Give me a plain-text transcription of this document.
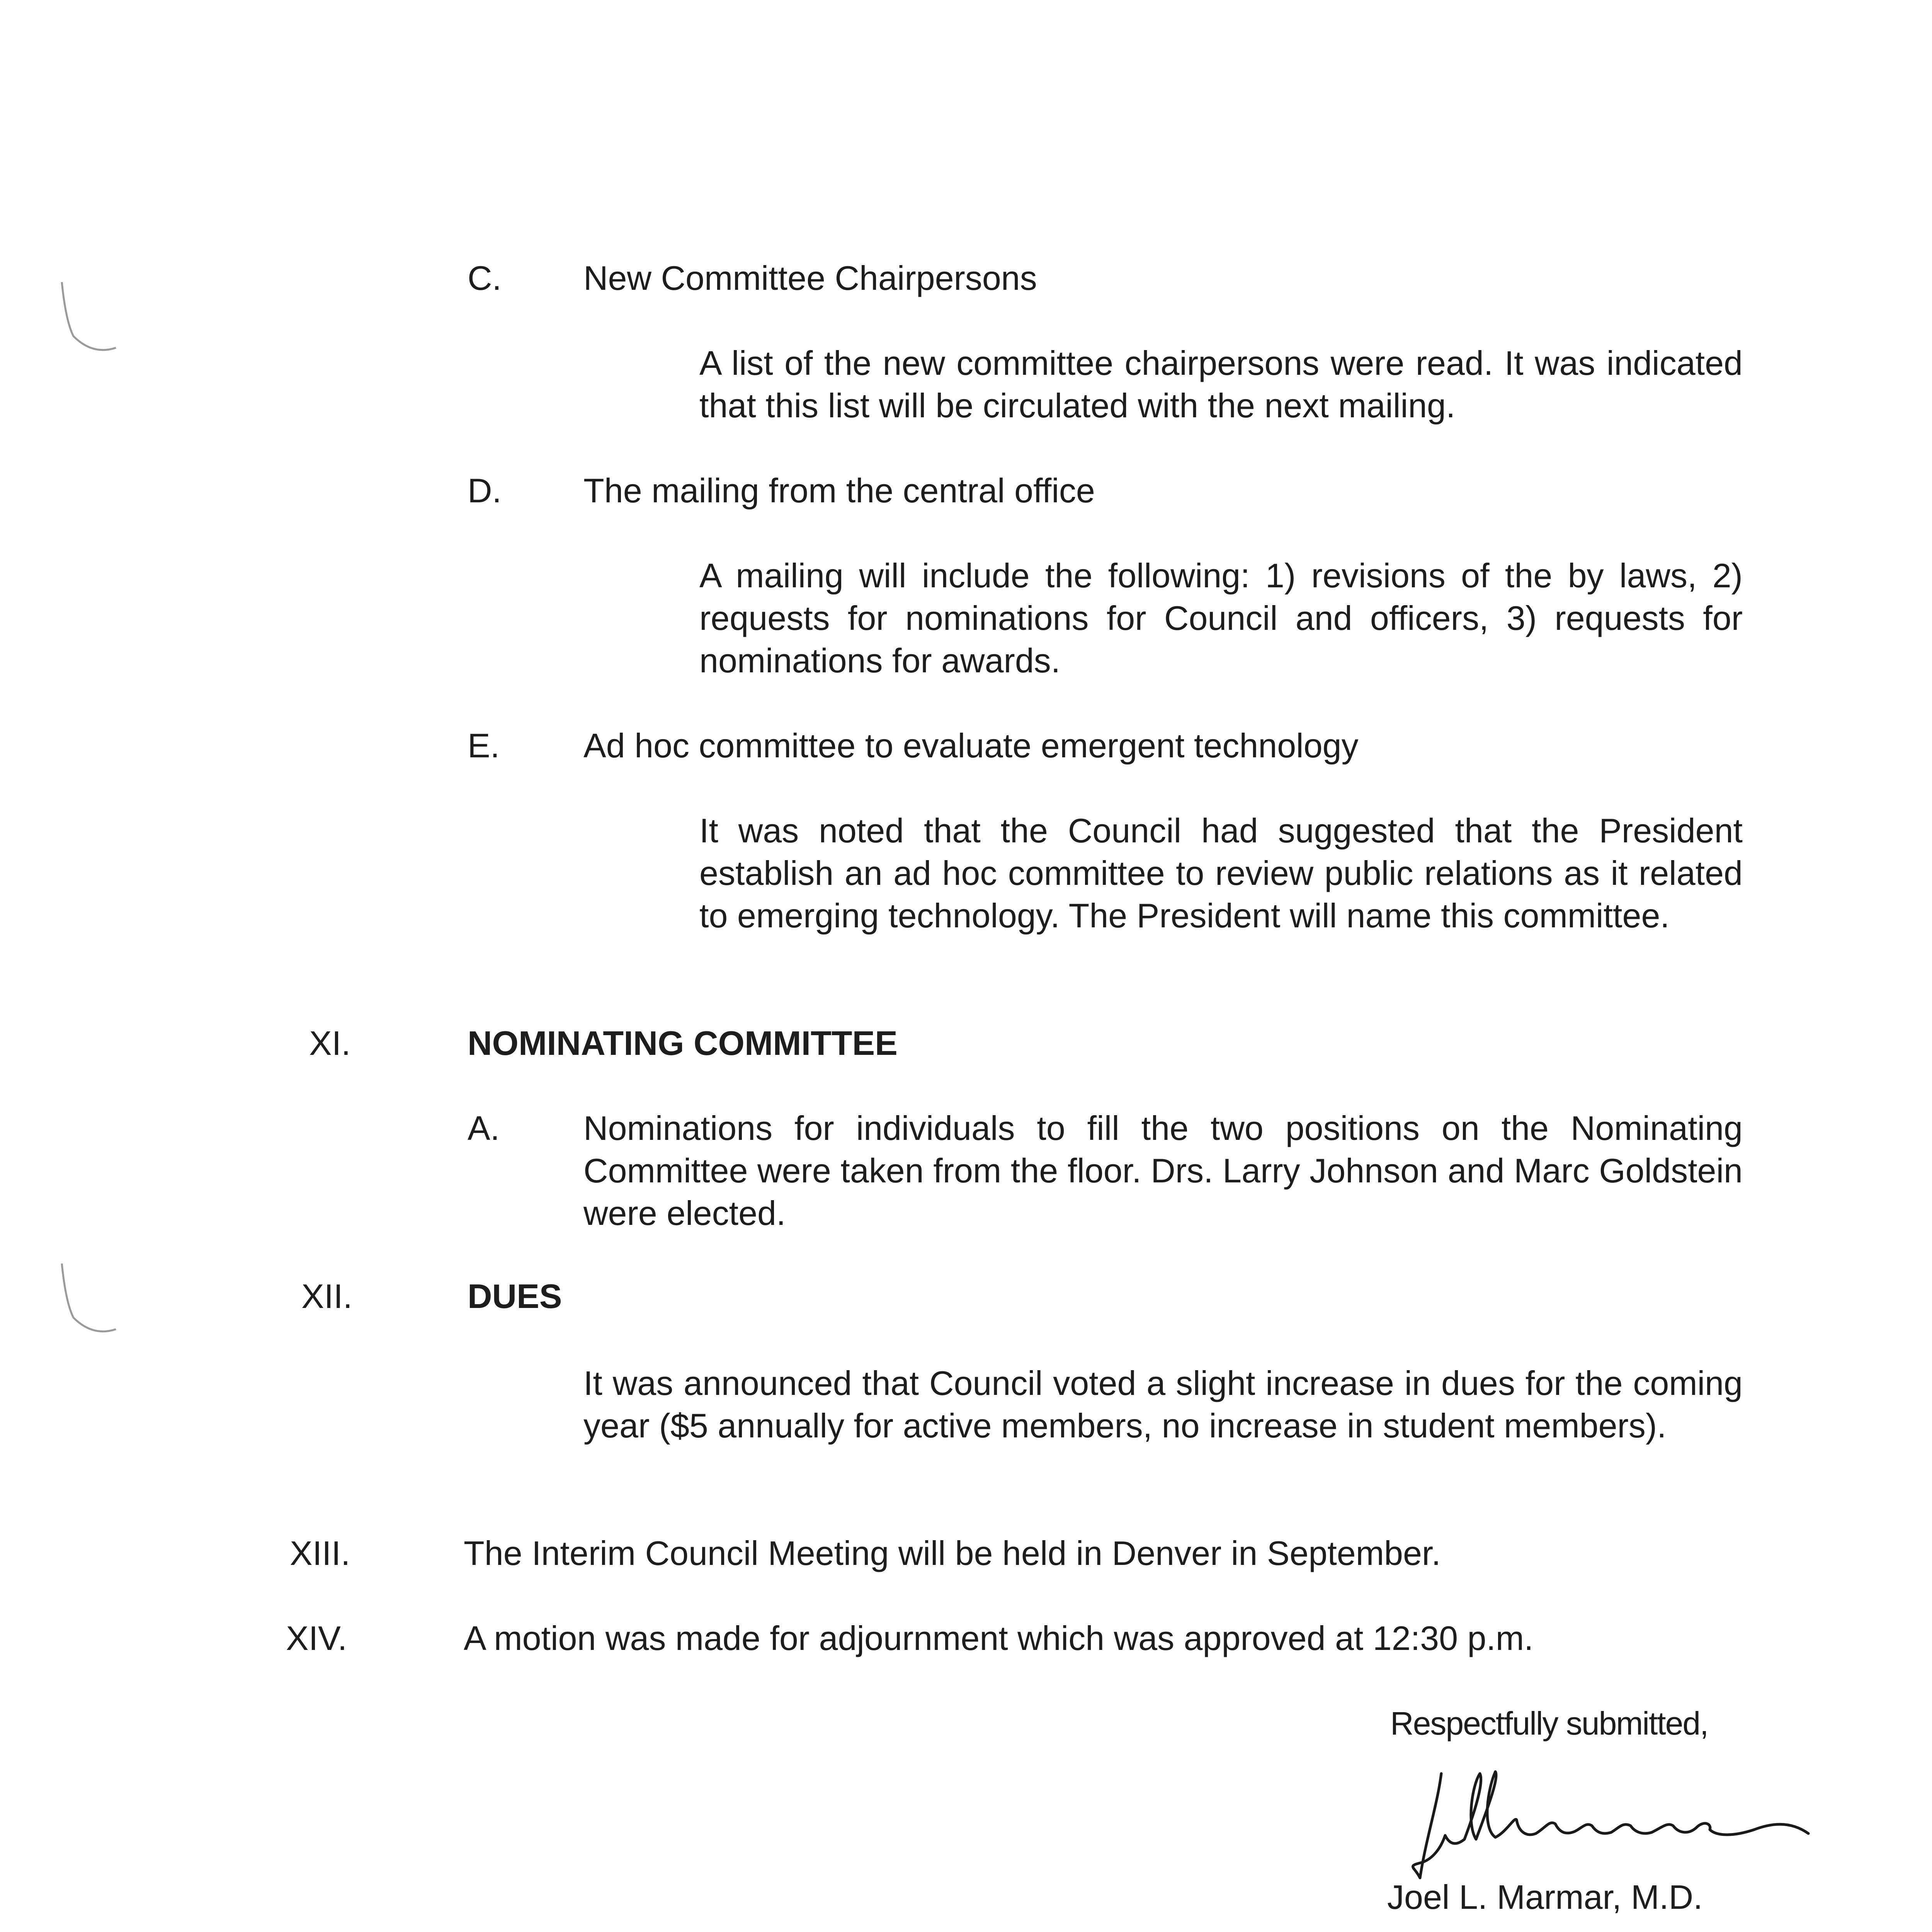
C. New Committee Chairpersons

A list of the new committee chairpersons were read. It was indicated that this list will be circulated with the next mailing.

D. The mailing from the central office

A mailing will include the following: 1) revisions of the by laws, 2) requests for nominations for Council and officers, 3) requests for nominations for awards.

E. Ad hoc committee to evaluate emergent technology

It was noted that the Council had suggested that the President establish an ad hoc committee to review public relations as it related to emerging technology. The President will name this committee.

XI.	NOMINATING COMMITTEE
A. Nominations for individuals to fill the two positions on the Nominating Committee were taken from the floor. Drs. Larry Johnson and Marc Goldstein were elected.

XII.	DUES

It was announced that Council voted a slight increase in dues for the coming year ($5 annually for active members, no increase in student members).

XIII.	The Interim Council Meeting will be held in Denver in September.
XIV.	A motion was made for adjournment which was approved at 12:30 p.m.
Respectfully submitted,
Joel L. Marmar, M.D.
